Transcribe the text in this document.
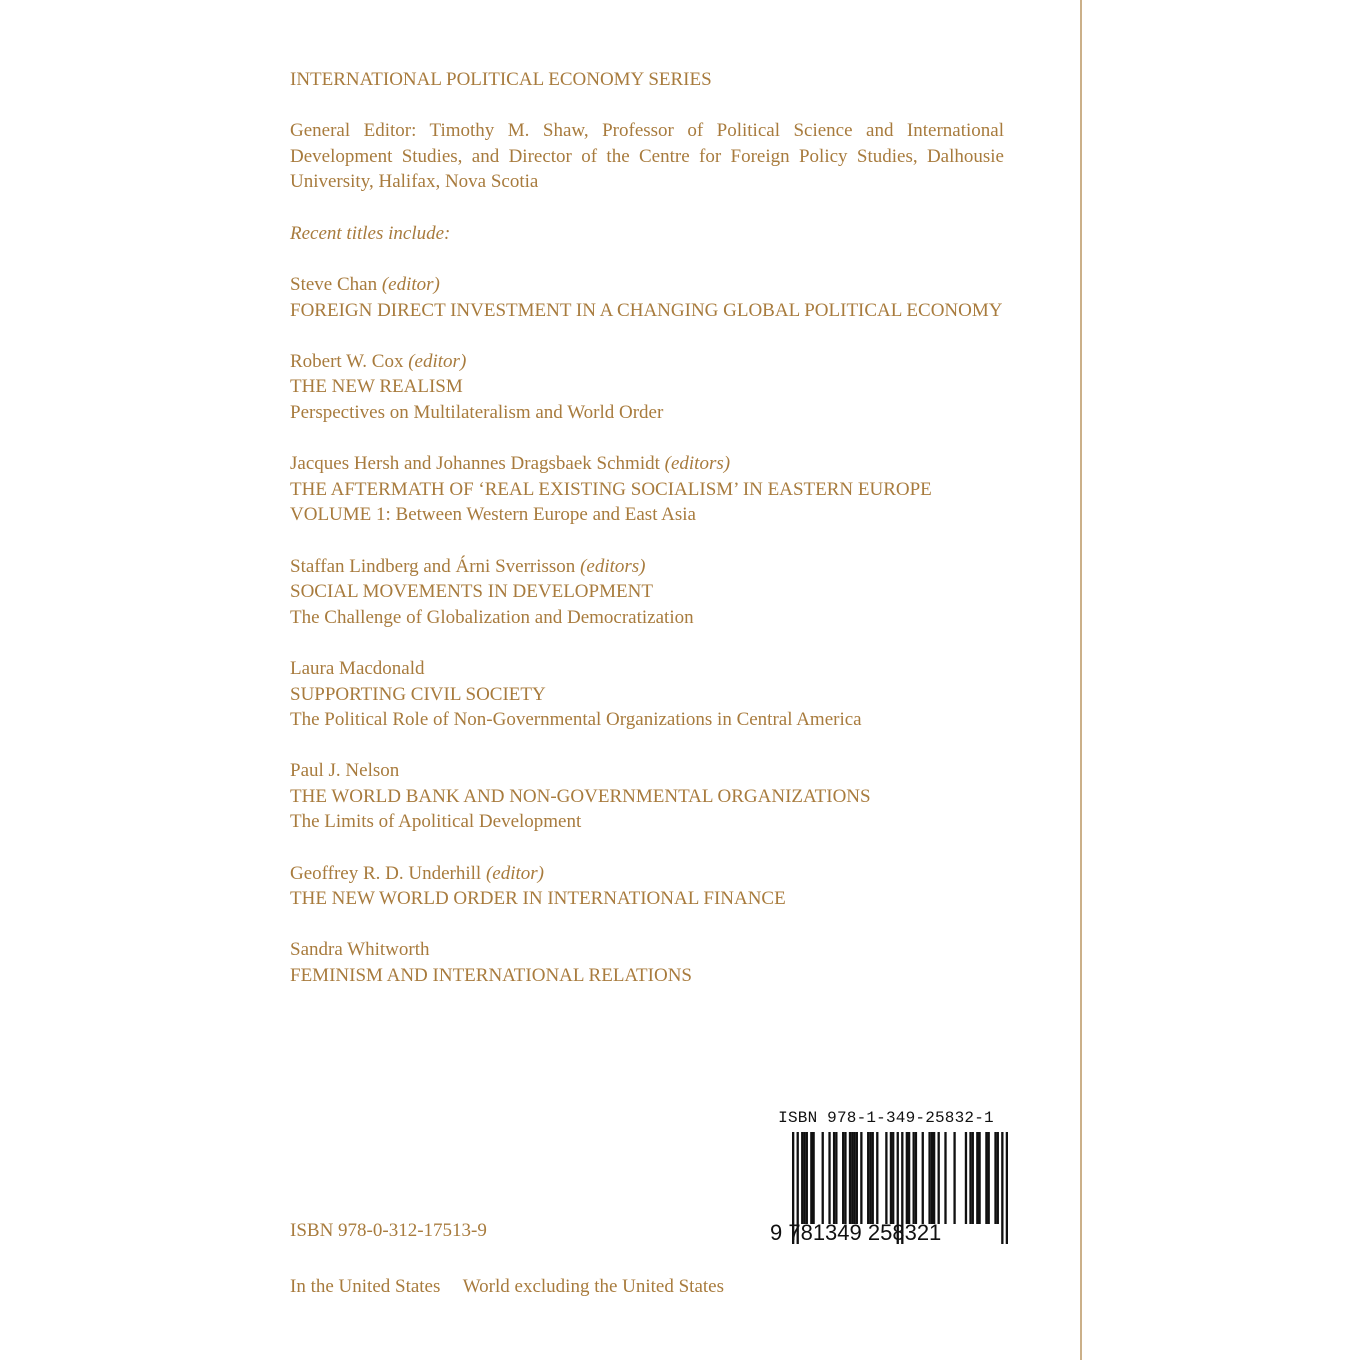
INTERNATIONAL POLITICAL ECONOMY SERIES
General Editor: Timothy M. Shaw, Professor of Political Science and International Development Studies, and Director of the Centre for Foreign Policy Studies, Dalhousie University, Halifax, Nova Scotia
Recent titles include:
Steve Chan (editor)
FOREIGN DIRECT INVESTMENT IN A CHANGING GLOBAL POLITICAL ECONOMY
Robert W. Cox (editor)
THE NEW REALISM
Perspectives on Multilateralism and World Order
Jacques Hersh and Johannes Dragsbaek Schmidt (editors)
THE AFTERMATH OF ‘REAL EXISTING SOCIALISM’ IN EASTERN EUROPE
VOLUME 1: Between Western Europe and East Asia
Staffan Lindberg and Árni Sverrisson (editors)
SOCIAL MOVEMENTS IN DEVELOPMENT
The Challenge of Globalization and Democratization
Laura Macdonald
SUPPORTING CIVIL SOCIETY
The Political Role of Non-Governmental Organizations in Central America
Paul J. Nelson
THE WORLD BANK AND NON-GOVERNMENTAL ORGANIZATIONS
The Limits of Apolitical Development
Geoffrey R. D. Underhill (editor)
THE NEW WORLD ORDER IN INTERNATIONAL FINANCE
Sandra Whitworth
FEMINISM AND INTERNATIONAL RELATIONS
ISBN 978-1-349-25832-1
9 781349 258321
ISBN 978-0-312-17513-9
In the United States World excluding the United States
